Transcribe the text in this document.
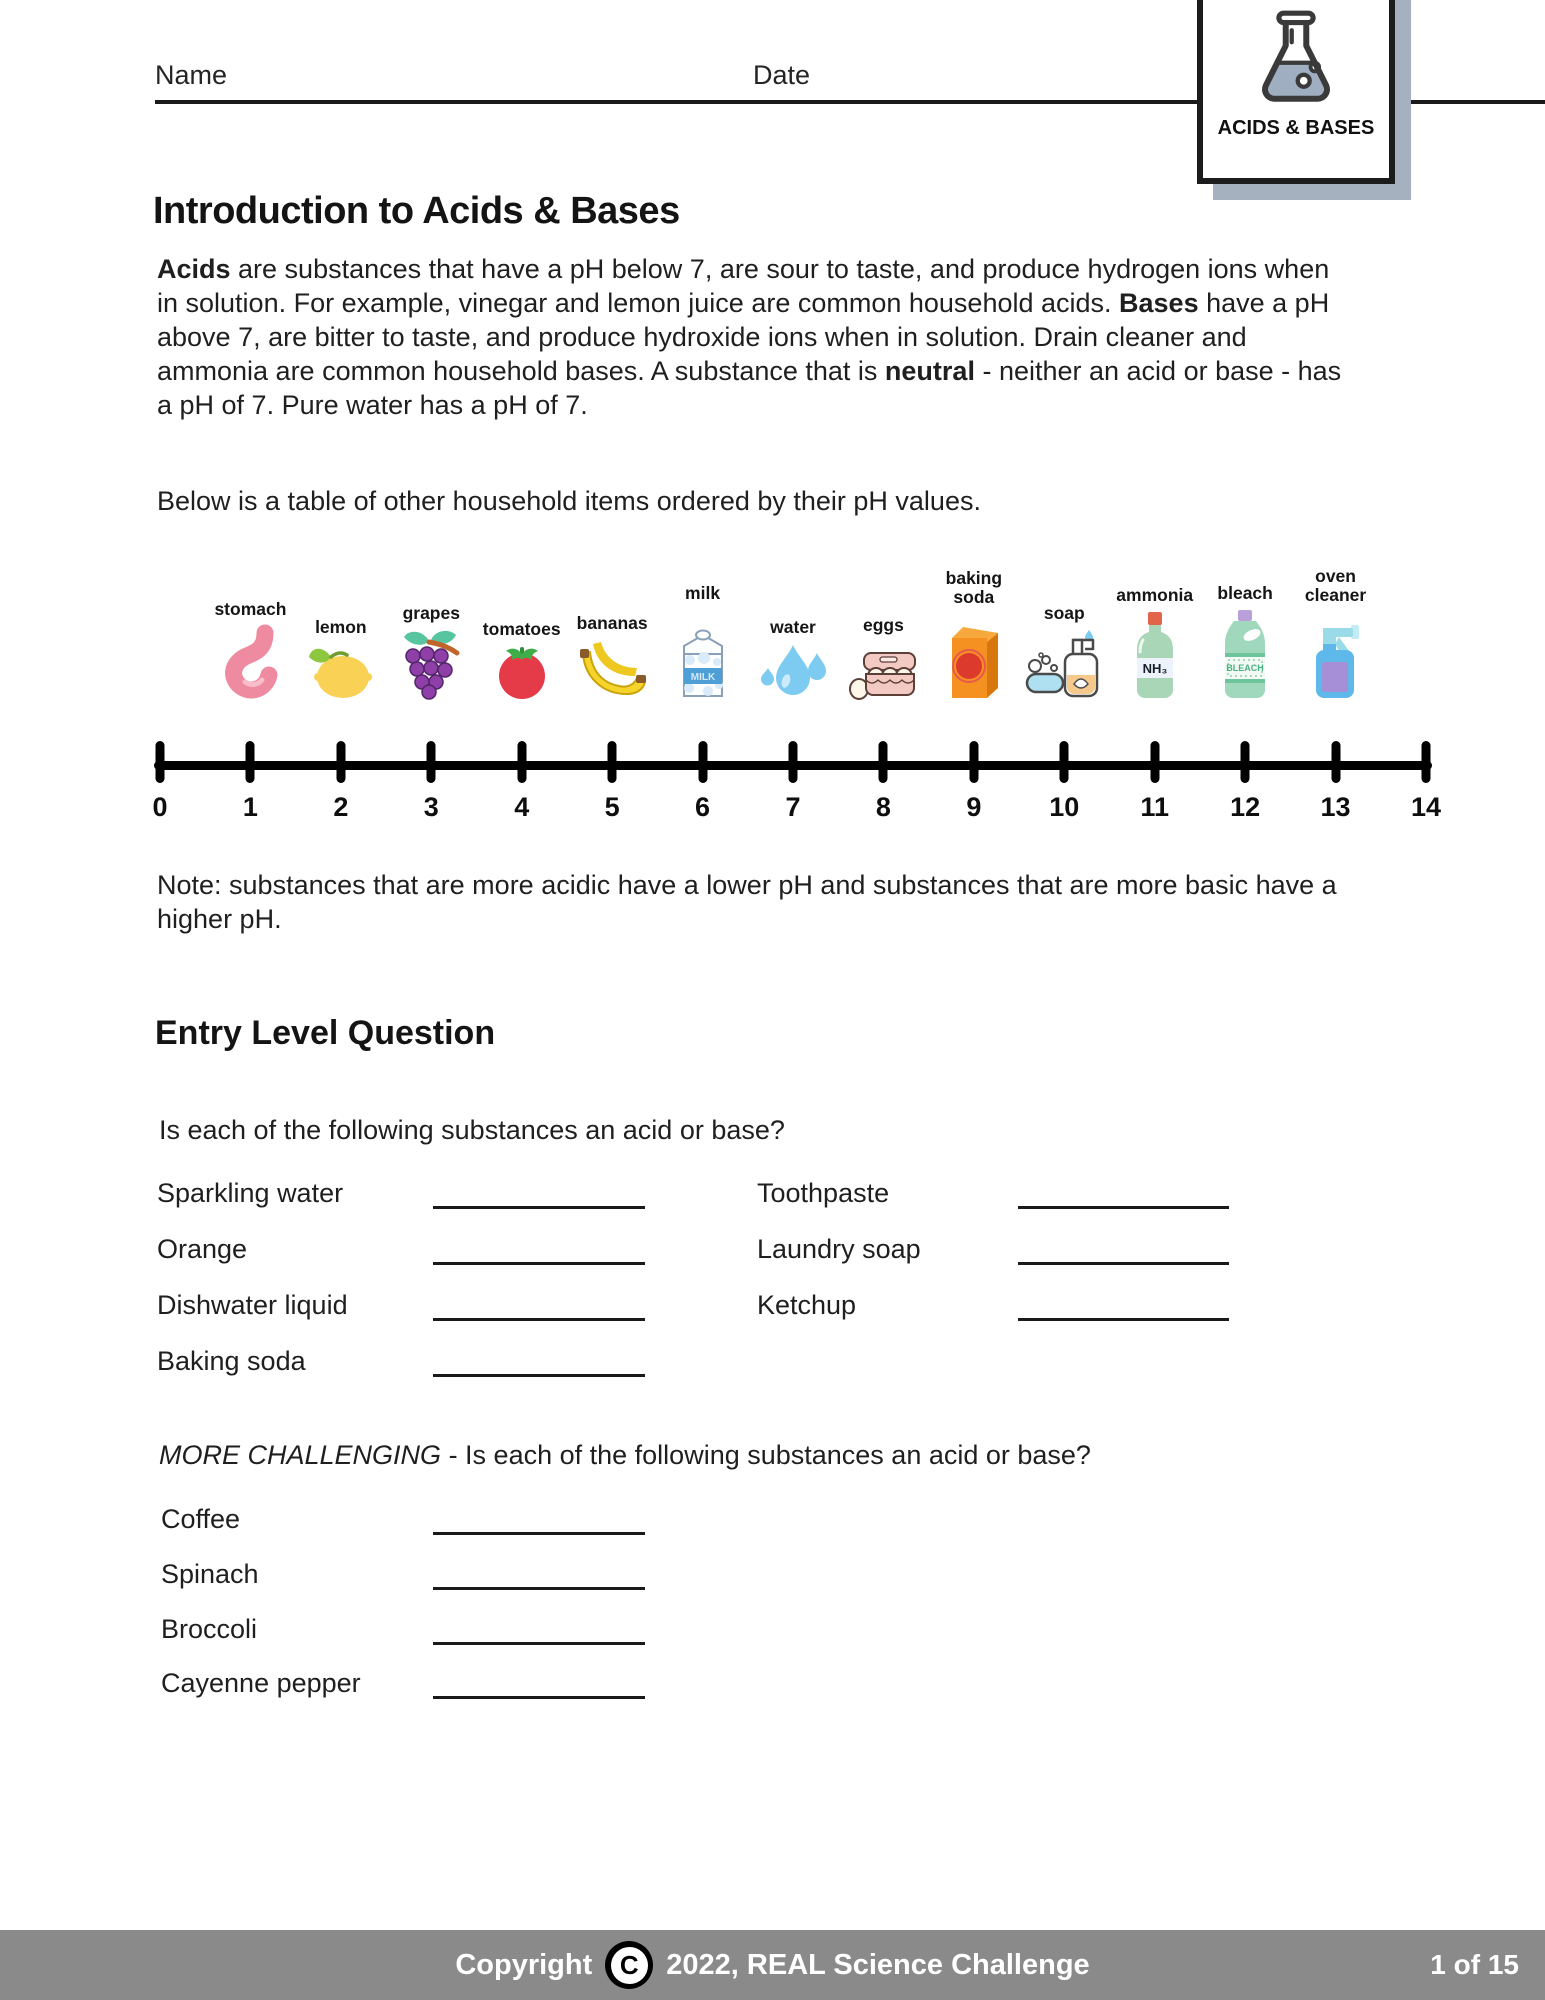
Name	Date
ACIDS & BASES
Introduction to Acids & Bases

Acids are substances that have a pH below 7, are sour to taste, and produce hydrogen ions when in solution. For example, vinegar and lemon juice are common household acids. Bases have a pH above 7, are bitter to taste, and produce hydroxide ions when in solution. Drain cleaner and ammonia are common household bases. A substance that is neutral - neither an acid or base - has a pH of 7. Pure water has a pH of 7.

Below is a table of other household items ordered by their pH values.
stomach
lemon
grapes
tomatoes bananas
milk
MILK
water	eggs
baking soda
soap
ammonia
NH₃
bleach
BLEACH
oven cleaner
0	1	2	3	4	5	6	7	8	9	10 11 12 13 14

Note: substances that are more acidic have a lower pH and substances that are more basic have a higher pH.

Entry Level Question
Is each of the following substances an acid or base?
Sparkling water	Toothpaste
Orange	Laundry soap
Dishwater liquid	Ketchup
Baking soda
MORE CHALLENGING - Is each of the following substances an acid or base?
Coffee
Spinach
Broccoli
Cayenne pepper
Copyright	C 2022, REAL Science Challenge	1 of 15
